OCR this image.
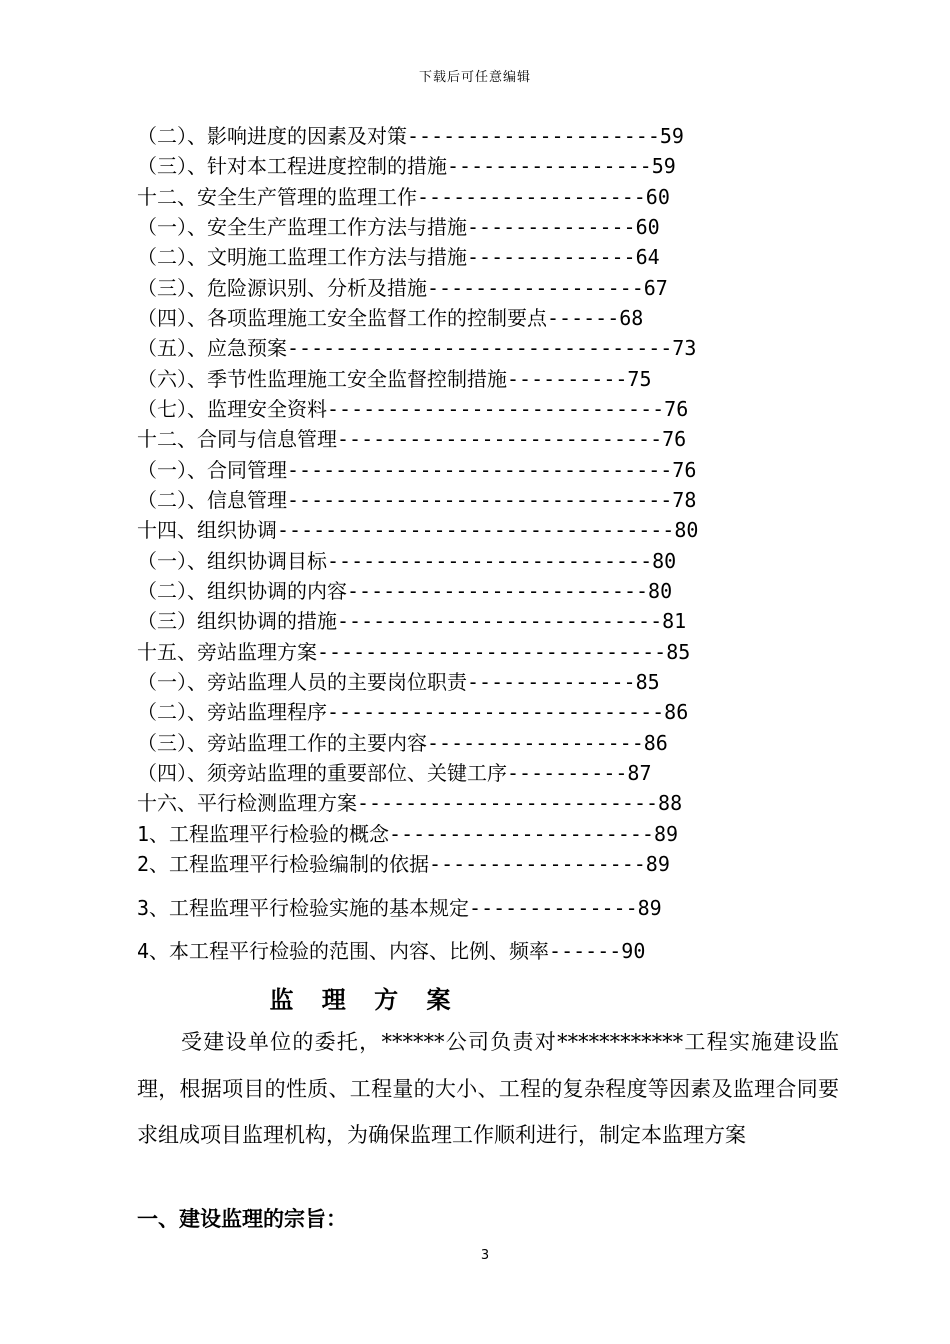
下载后可任意编辑
（二）、影响进度的因素及对策---------------------59
（三）、针对本工程进度控制的措施-----------------59
十二、安全生产管理的监理工作-------------------60
（一）、安全生产监理工作方法与措施--------------60
（二）、文明施工监理工作方法与措施--------------64
（三）、危险源识别、分析及措施------------------67
（四）、各项监理施工安全监督工作的控制要点------68
（五）、应急预案--------------------------------73
（六）、季节性监理施工安全监督控制措施----------75
（七）、监理安全资料----------------------------76
十二、合同与信息管理---------------------------76
（一）、合同管理--------------------------------76
（二）、信息管理--------------------------------78
十四、组织协调---------------------------------80
（一）、组织协调目标---------------------------80
（二）、组织协调的内容-------------------------80
（三）组织协调的措施---------------------------81
十五、旁站监理方案-----------------------------85
（一）、旁站监理人员的主要岗位职责--------------85
（二）、旁站监理程序----------------------------86
（三）、旁站监理工作的主要内容------------------86
（四）、须旁站监理的重要部位、关键工序----------87
十六、平行检测监理方案-------------------------88
1、工程监理平行检验的概念----------------------89
2、工程监理平行检验编制的依据------------------89
3、工程监理平行检验实施的基本规定--------------89
4、本工程平行检验的范围、内容、比例、频率------90
监 理 方 案

受建设单位的委托，******公司负责对************工程实施建设监理，根据项目的性质、工程量的大小、工程的复杂程度等因素及监理合同要求组成项目监理机构，为确保监理工作顺利进行，制定本监理方案

一、建设监理的宗旨：

3
